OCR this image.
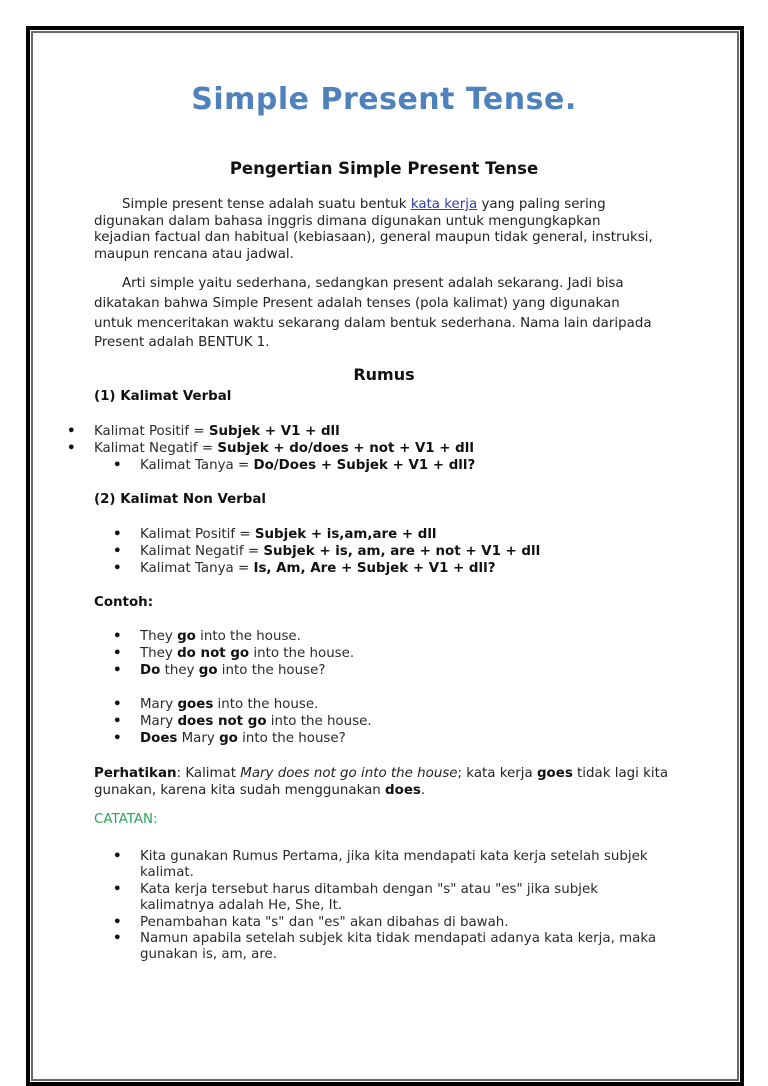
Simple Present Tense.
Pengertian Simple Present Tense

Simple present tense adalah suatu bentuk kata kerja yang paling sering digunakan dalam bahasa inggris dimana digunakan untuk mengungkapkan kejadian factual dan habitual (kebiasaan), general maupun tidak general, instruksi, maupun rencana atau jadwal.

Arti simple yaitu sederhana, sedangkan present adalah sekarang. Jadi bisa dikatakan bahwa Simple Present adalah tenses (pola kalimat) yang digunakan untuk menceritakan waktu sekarang dalam bentuk sederhana. Nama lain daripada Present adalah BENTUK 1.

Rumus

(1) Kalimat Verbal

• Kalimat Positif = Subjek + V1 + dll
• Kalimat Negatif = Subjek + do/does + not + V1 + dll
• Kalimat Tanya = Do/Does + Subjek + V1 + dll?

(2) Kalimat Non Verbal

• Kalimat Positif = Subjek + is,am,are + dll
• Kalimat Negatif = Subjek + is, am, are + not + V1 + dll
• Kalimat Tanya = Is, Am, Are + Subjek + V1 + dll?

Contoh:

• They go into the house.
• They do not go into the house.
• Do they go into the house?
• Mary goes into the house.
• Mary does not go into the house.
• Does Mary go into the house?

Perhatikan: Kalimat Mary does not go into the house; kata kerja goes tidak lagi kita gunakan, karena kita sudah menggunakan does.

CATATAN:

• Kita gunakan Rumus Pertama, jika kita mendapati kata kerja setelah subjek kalimat.
• Kata kerja tersebut harus ditambah dengan "s" atau "es" jika subjek kalimatnya adalah He, She, It.
• Penambahan kata "s" dan "es" akan dibahas di bawah.
• Namun apabila setelah subjek kita tidak mendapati adanya kata kerja, maka gunakan is, am, are.
